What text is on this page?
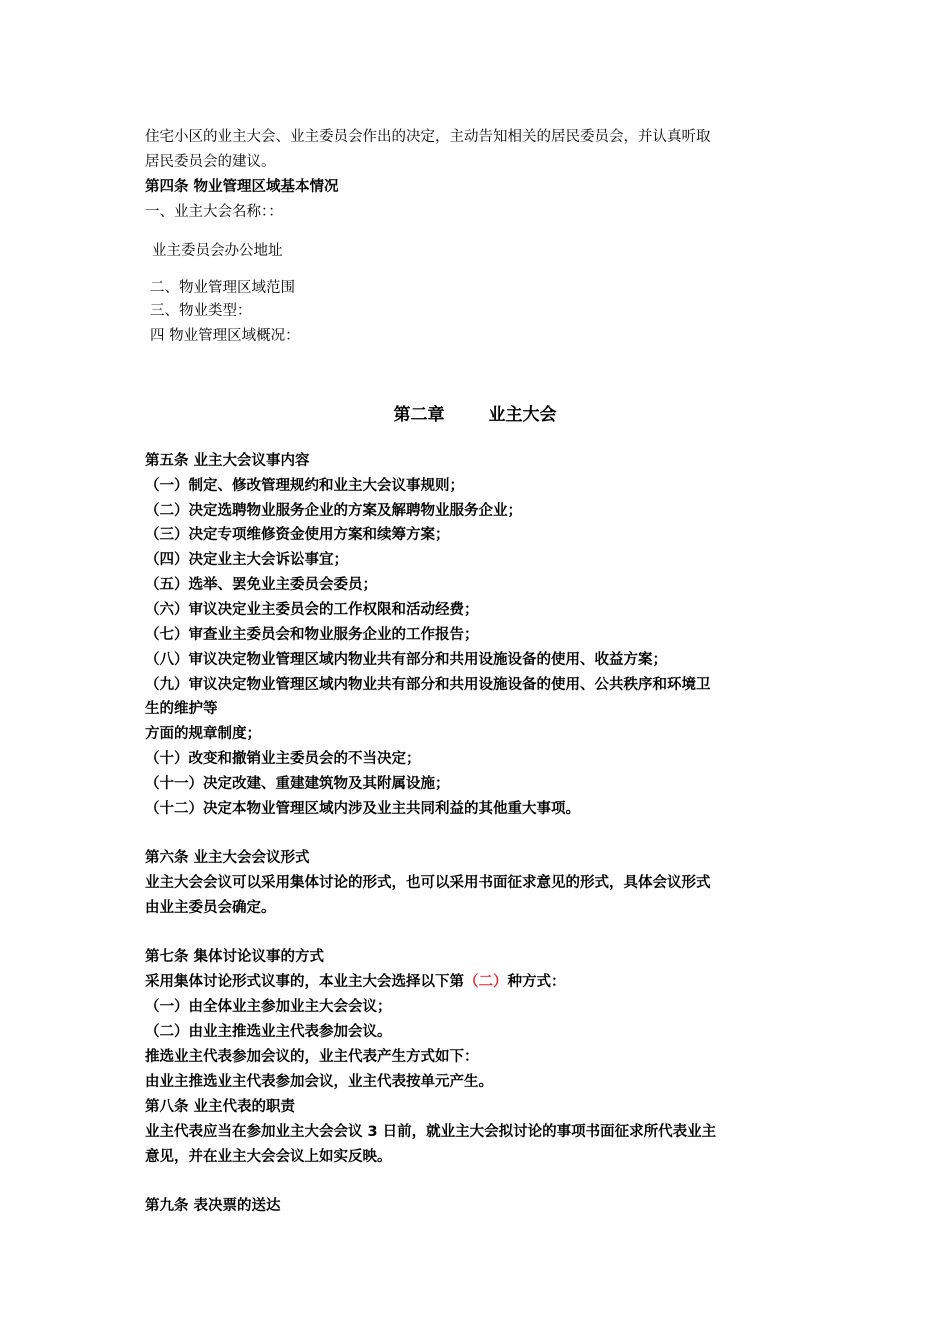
住宅小区的业主大会、业主委员会作出的决定，主动告知相关的居民委员会，并认真听取
居民委员会的建议。
第四条 物业管理区域基本情况
一、业主大会名称：：
业主委员会办公地址
二、物业管理区域范围
三、物业类型：
四 物业管理区域概况：
第二章	业主大会
第五条 业主大会议事内容
（一）制定、修改管理规约和业主大会议事规则；
（二）决定选聘物业服务企业的方案及解聘物业服务企业；
（三）决定专项维修资金使用方案和续筹方案；
（四）决定业主大会诉讼事宜；
（五）选举、罢免业主委员会委员；
（六）审议决定业主委员会的工作权限和活动经费；
（七）审查业主委员会和物业服务企业的工作报告；
（八）审议决定物业管理区域内物业共有部分和共用设施设备的使用、收益方案；
（九）审议决定物业管理区域内物业共有部分和共用设施设备的使用、公共秩序和环境卫
生的维护等
方面的规章制度；
（十）改变和撤销业主委员会的不当决定；
（十一）决定改建、重建建筑物及其附属设施；
（十二）决定本物业管理区域内涉及业主共同利益的其他重大事项。
第六条 业主大会会议形式
业主大会会议可以采用集体讨论的形式，也可以采用书面征求意见的形式，具体会议形式
由业主委员会确定。
第七条 集体讨论议事的方式
采用集体讨论形式议事的，本业主大会选择以下第（二）种方式：
（一）由全体业主参加业主大会会议；
（二）由业主推选业主代表参加会议。
推选业主代表参加会议的，业主代表产生方式如下：
由业主推选业主代表参加会议，业主代表按单元产生。
第八条 业主代表的职责
业主代表应当在参加业主大会会议 3 日前，就业主大会拟讨论的事项书面征求所代表业主
意见，并在业主大会会议上如实反映。
第九条 表决票的送达
